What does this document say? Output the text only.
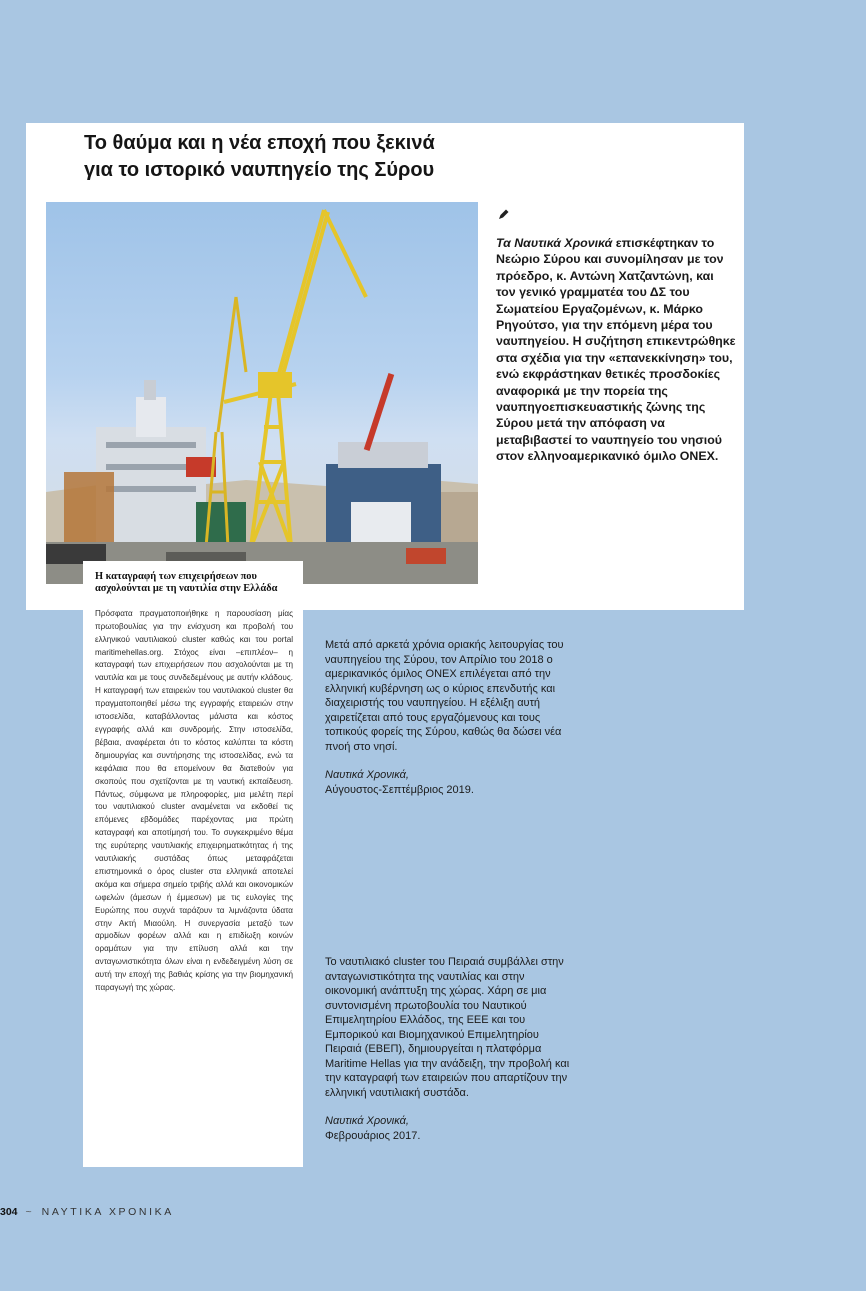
Το θαύμα και η νέα εποχή που ξεκινά
για το ιστορικό ναυπηγείο της Σύρου
Τα Ναυτικά Χρονικά επισκέφτηκαν το Νεώριο Σύρου και συνομίλησαν με τον πρόεδρο, κ. Αντώνη Χατζαντώνη, και τον γενικό γραμματέα του ΔΣ του Σωματείου Εργαζομένων, κ. Μάρκο Ρηγούτσο, για την επόμενη μέρα του ναυπηγείου. Η συζήτηση επικεντρώθηκε στα σχέδια για την «επανεκκίνηση» του, ενώ εκφράστηκαν θετικές προσδοκίες αναφορικά με την πορεία της ναυπηγοεπισκευαστικής ζώνης της Σύρου μετά την απόφαση να μεταβιβαστεί το ναυπηγείο του νησιού στον ελληνοαμερικανικό όμιλο ΟΝΕΧ.
Η καταγραφή των επιχειρήσεων που ασχολούνται με τη ναυτιλία στην Ελλάδα

Πρόσφατα πραγματοποιήθηκε η παρουσίαση μίας πρωτοβουλίας για την ενίσχυση και προβολή του ελληνικού ναυτιλιακού cluster καθώς και του portal maritimehellas.org. Στόχος είναι –επιπλέον– η καταγραφή των επιχειρήσεων που ασχολούνται με τη ναυτιλία και με τους συνδεδεμένους με αυτήν κλάδους. Η καταγραφή των εταιρειών του ναυτιλιακού cluster θα πραγματοποιηθεί μέσω της εγγραφής εταιρειών στην ιστοσελίδα, καταβάλλοντας μάλιστα και κόστος εγγραφής αλλά και συνδρομής. Στην ιστοσελίδα, βέβαια, αναφέρεται ότι το κόστος καλύπτει τα κόστη δημιουργίας και συντήρησης της ιστοσελίδας, ενώ τα κεφάλαια που θα επομείνουν θα διατεθούν για σκοπούς που σχετίζονται με τη ναυτική εκπαίδευση. Πάντως, σύμφωνα με πληροφορίες, μια μελέτη περί του ναυτιλιακού cluster αναμένεται να εκδοθεί τις επόμενες εβδομάδες παρέχοντας μια πρώτη καταγραφή και αποτίμησή του. Το συγκεκριμένο θέμα της ευρύτερης ναυτιλιακής επιχειρηματικότητας ή της ναυτιλιακής συστάδας όπως μεταφράζεται επιστημονικά ο όρος cluster στα ελληνικά αποτελεί ακόμα και σήμερα σημείο τριβής αλλά και οικονομικών ωφελών (άμεσων ή έμμεσων) με τις ευλογίες της Ευρώπης που συχνά ταράζουν τα λιμνάζοντα ύδατα στην Ακτή Μιαούλη. Η συνεργασία μεταξύ των αρμοδίων φορέων αλλά και η επιδίωξη κοινών οραμάτων για την επίλυση αλλά και την ανταγωνιστικότητα όλων είναι η ενδεδειγμένη λύση σε αυτή την εποχή της βαθιάς κρίσης για την βιομηχανική παραγωγή της χώρας.

Μετά από αρκετά χρόνια οριακής λειτουργίας του ναυπηγείου της Σύρου, τον Απρίλιο του 2018 ο αμερικανικός όμιλος ΟΝΕΧ επιλέγεται από την ελληνική κυβέρνηση ως ο κύριος επενδυτής και διαχειριστής του ναυπηγείου. Η εξέλιξη αυτή χαιρετίζεται από τους εργαζόμενους και τους τοπικούς φορείς της Σύρου, καθώς θα δώσει νέα πνοή στο νησί.

Ναυτικά Χρονικά,
Αύγουστος-Σεπτέμβριος 2019.

Το ναυτιλιακό cluster του Πειραιά συμβάλλει στην ανταγωνιστικότητα της ναυτιλίας και στην οικονομική ανάπτυξη της χώρας. Χάρη σε μια συντονισμένη πρωτοβουλία του Ναυτικού Επιμελητηρίου Ελλάδος, της ΕΕΕ και του Εμπορικού και Βιομηχανικού Επιμελητηρίου Πειραιά (ΕΒΕΠ), δημιουργείται η πλατφόρμα Maritime Hellas για την ανάδειξη, την προβολή και την καταγραφή των εταιρειών που απαρτίζουν την ελληνική ναυτιλιακή συστάδα.

Ναυτικά Χρονικά,
Φεβρουάριος 2017.

304 ~ ΝΑΥΤΙΚΑ ΧΡΟΝΙΚΑ
